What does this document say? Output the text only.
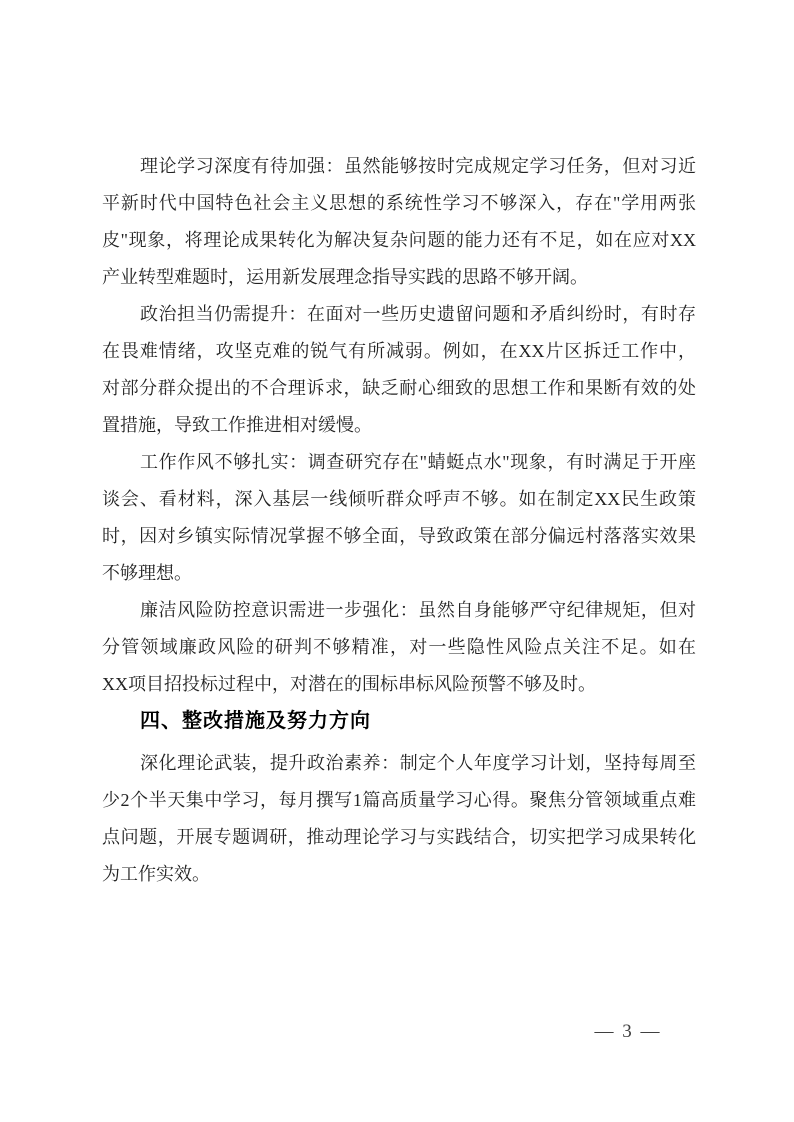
理论学习深度有待加强：虽然能够按时完成规定学习任务，但对习近
平新时代中国特色社会主义思想的系统性学习不够深入，存在"学用两张
皮"现象，将理论成果转化为解决复杂问题的能力还有不足，如在应对XX
产业转型难题时，运用新发展理念指导实践的思路不够开阔。
政治担当仍需提升：在面对一些历史遗留问题和矛盾纠纷时，有时存
在畏难情绪，攻坚克难的锐气有所减弱。例如，在XX片区拆迁工作中，
对部分群众提出的不合理诉求，缺乏耐心细致的思想工作和果断有效的处
置措施，导致工作推进相对缓慢。
工作作风不够扎实：调查研究存在"蜻蜓点水"现象，有时满足于开座
谈会、看材料，深入基层一线倾听群众呼声不够。如在制定XX民生政策
时，因对乡镇实际情况掌握不够全面，导致政策在部分偏远村落落实效果
不够理想。
廉洁风险防控意识需进一步强化：虽然自身能够严守纪律规矩，但对
分管领域廉政风险的研判不够精准，对一些隐性风险点关注不足。如在
XX项目招投标过程中，对潜在的围标串标风险预警不够及时。
四、整改措施及努力方向
深化理论武装，提升政治素养：制定个人年度学习计划，坚持每周至
少2个半天集中学习，每月撰写1篇高质量学习心得。聚焦分管领域重点难
点问题，开展专题调研，推动理论学习与实践结合，切实把学习成果转化
为工作实效。
— 3 —
